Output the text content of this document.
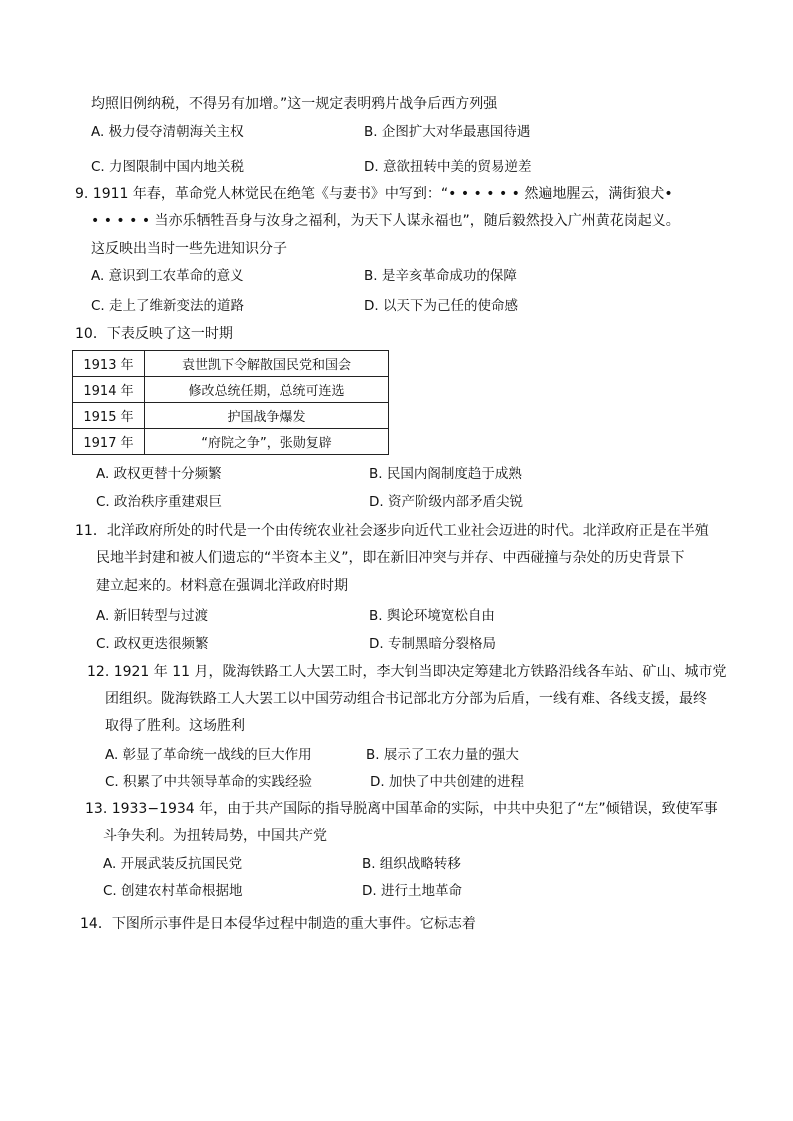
均照旧例纳税，不得另有加增。”这一规定表明鸦片战争后西方列强
A. 极力侵夺清朝海关主权	B. 企图扩大对华最惠国待遇
C. 力图限制中国内地关税	D. 意欲扭转中美的贸易逆差
9. 1911 年春，革命党人林觉民在绝笔《与妻书》中写到：“• • • • • • 然遍地腥云，满街狼犬•
• • • • • 当亦乐牺牲吾身与汝身之福利，为天下人谋永福也”，随后毅然投入广州黄花岗起义。
这反映出当时一些先进知识分子
A. 意识到工农革命的意义	B. 是辛亥革命成功的保障
C. 走上了维新变法的道路	D. 以天下为己任的使命感
10．下表反映了这一时期
1913 年	袁世凯下令解散国民党和国会
1914 年	修改总统任期，总统可连选
1915 年	护国战争爆发
1917 年	“府院之争”，张勋复辟
A. 政权更替十分频繁	B. 民国内阁制度趋于成熟
C. 政治秩序重建艰巨	D. 资产阶级内部矛盾尖锐
11．北洋政府所处的时代是一个由传统农业社会逐步向近代工业社会迈进的时代。北洋政府正是在半殖
民地半封建和被人们遗忘的“半资本主义”，即在新旧冲突与并存、中西碰撞与杂处的历史背景下
建立起来的。材料意在强调北洋政府时期
A. 新旧转型与过渡	B. 舆论环境宽松自由
C. 政权更迭很频繁	D. 专制黑暗分裂格局
12. 1921 年 11 月，陇海铁路工人大罢工时，李大钊当即决定筹建北方铁路沿线各车站、矿山、城市党
团组织。陇海铁路工人大罢工以中国劳动组合书记部北方分部为后盾，一线有难、各线支援，最终
取得了胜利。这场胜利
A. 彰显了革命统一战线的巨大作用	B. 展示了工农力量的强大
C. 积累了中共领导革命的实践经验	D. 加快了中共创建的进程
13. 1933−1934 年，由于共产国际的指导脱离中国革命的实际，中共中央犯了“左”倾错误，致使军事
斗争失利。为扭转局势，中国共产党
A. 开展武装反抗国民党	B. 组织战略转移
C. 创建农村革命根据地	D. 进行土地革命
14．下图所示事件是日本侵华过程中制造的重大事件。它标志着
